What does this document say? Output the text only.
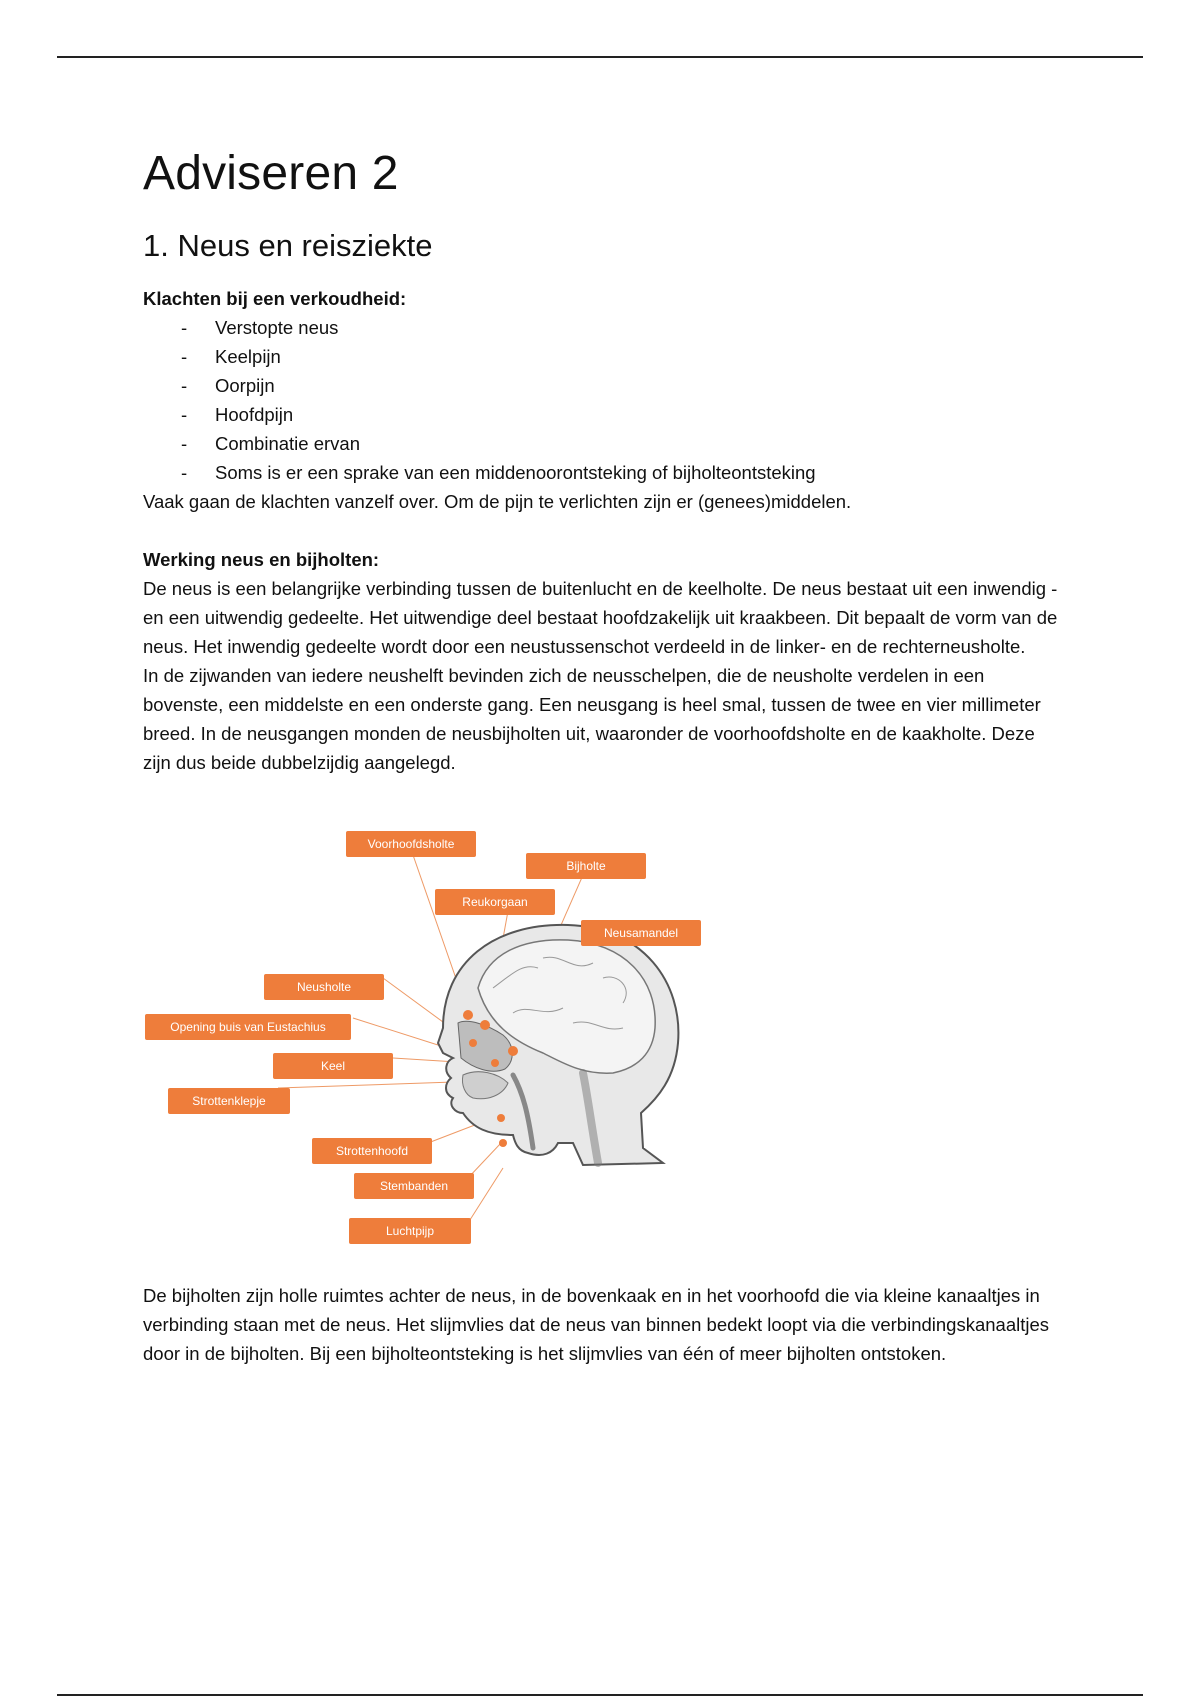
Adviseren 2
1. Neus en reisziekte

Klachten bij een verkoudheid:

- Verstopte neus
- Keelpijn
- Oorpijn
- Hoofdpijn
- Combinatie ervan
- Soms is er een sprake van een middenoorontsteking of bijholteontsteking

Vaak gaan de klachten vanzelf over. Om de pijn te verlichten zijn er (genees)middelen.

Werking neus en bijholten:

De neus is een belangrijke verbinding tussen de buitenlucht en de keelholte. De neus bestaat uit een inwendig - en een uitwendig gedeelte. Het uitwendige deel bestaat hoofdzakelijk uit kraakbeen. Dit bepaalt de vorm van de neus. Het inwendig gedeelte wordt door een neustussenschot verdeeld in de linker- en de rechterneusholte.

In de zijwanden van iedere neushelft bevinden zich de neusschelpen, die de neusholte verdelen in een bovenste, een middelste en een onderste gang. Een neusgang is heel smal, tussen de twee en vier millimeter breed. In de neusgangen monden de neusbijholten uit, waaronder de voorhoofdsholte en de kaakholte. Deze zijn dus beide dubbelzijdig aangelegd.

Voorhoofdsholte
Bijholte
Reukorgaan
Neusamandel
Neusholte
Opening buis van Eustachius
Keel
Strottenklepje
Strottenhoofd
Stembanden
Luchtpijp

De bijholten zijn holle ruimtes achter de neus, in de bovenkaak en in het voorhoofd die via kleine kanaaltjes in verbinding staan met de neus. Het slijmvlies dat de neus van binnen bedekt loopt via die verbindingskanaaltjes door in de bijholten. Bij een bijholteontsteking is het slijmvlies van één of meer bijholten ontstoken.
